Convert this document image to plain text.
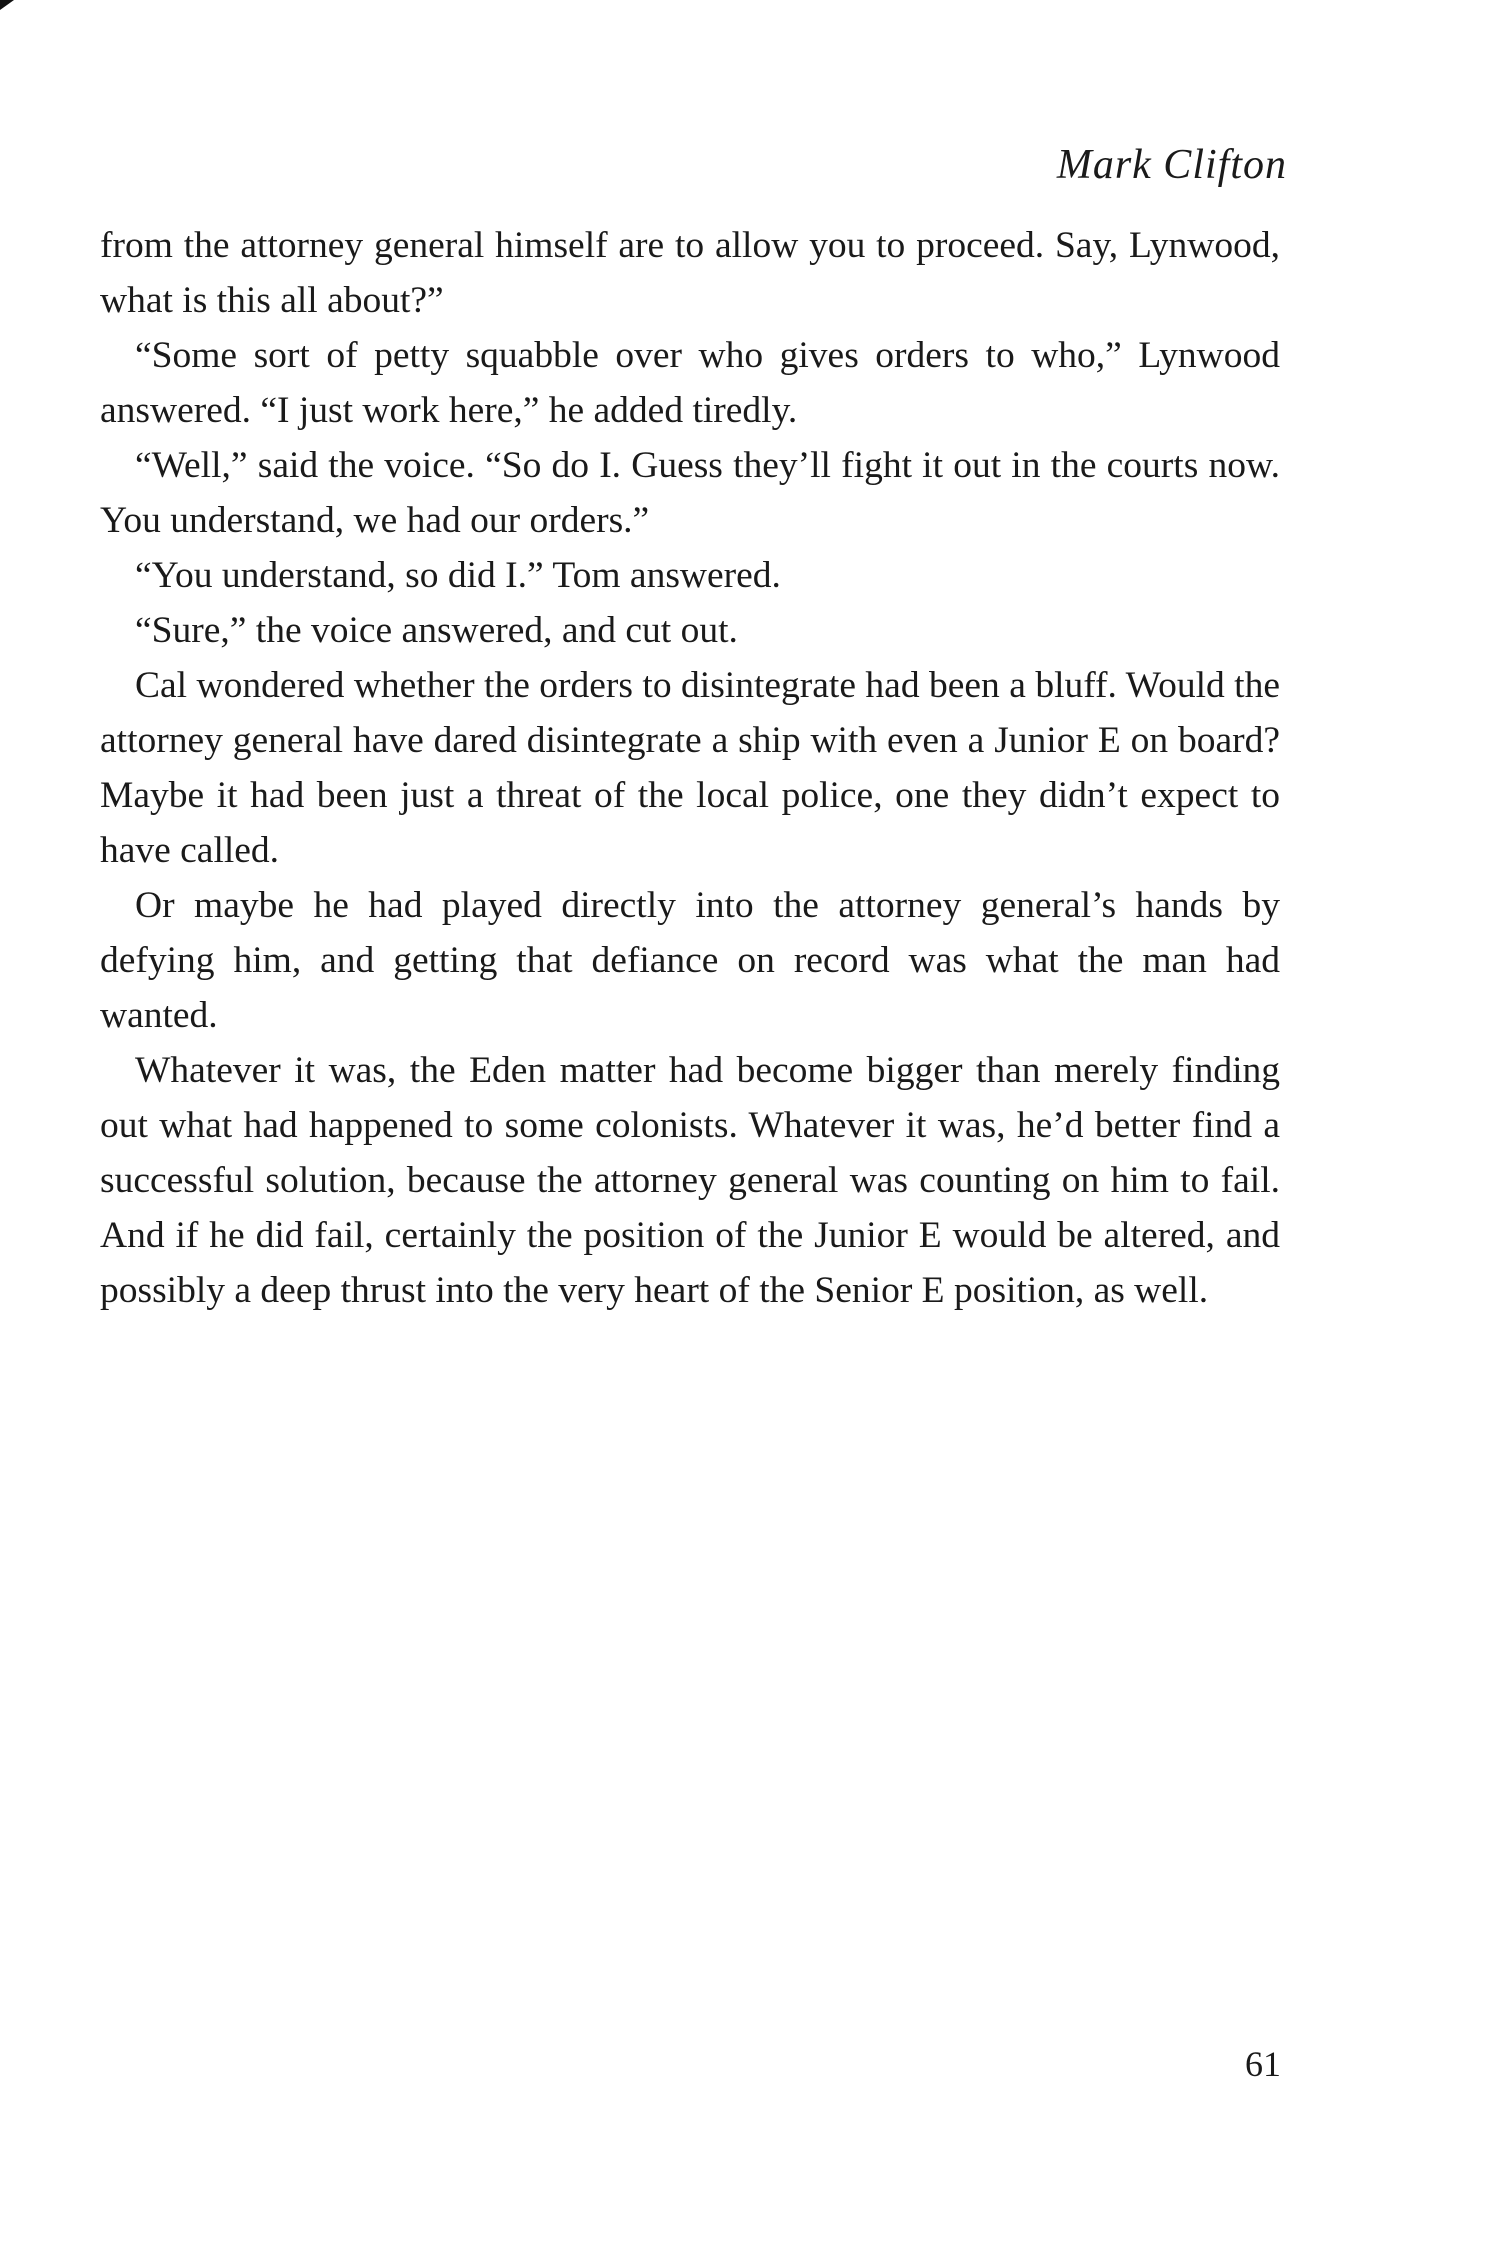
Mark Clifton

from the attorney general himself are to allow you to proceed. Say, Lynwood, what is this all about?”

“Some sort of petty squabble over who gives orders to who,” Lynwood answered. “I just work here,” he added tiredly.

“Well,” said the voice. “So do I. Guess they’ll fight it out in the courts now. You understand, we had our orders.”

“You understand, so did I.” Tom answered.

“Sure,” the voice answered, and cut out.

Cal wondered whether the orders to disintegrate had been a bluff. Would the attorney general have dared disintegrate a ship with even a Junior E on board? Maybe it had been just a threat of the local police, one they didn’t expect to have called.

Or maybe he had played directly into the attorney general’s hands by defying him, and getting that defiance on record was what the man had wanted.

Whatever it was, the Eden matter had become bigger than merely finding out what had happened to some colonists. Whatever it was, he’d better find a successful solution, because the attorney general was counting on him to fail. And if he did fail, certainly the position of the Junior E would be altered, and possibly a deep thrust into the very heart of the Senior E position, as well.

61
